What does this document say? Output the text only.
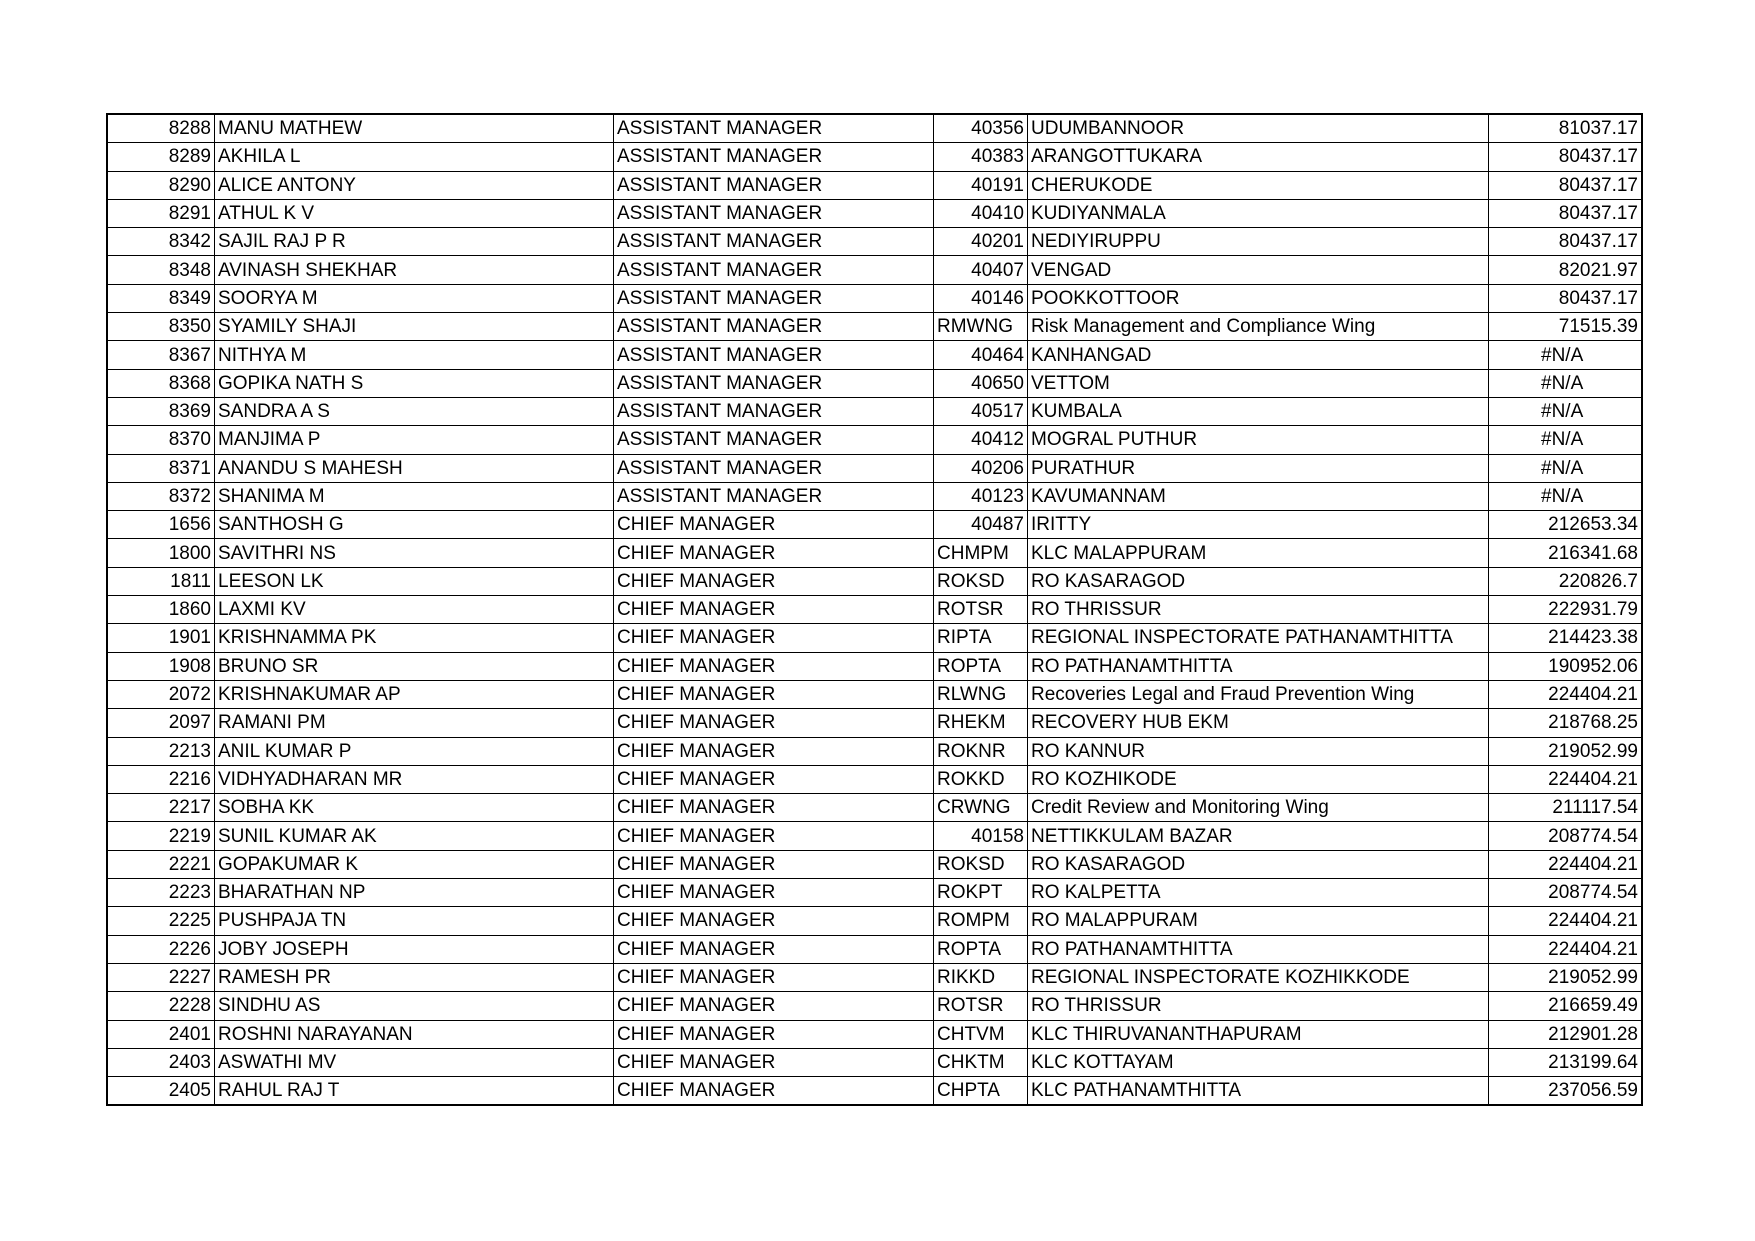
8288	MANU MATHEW	ASSISTANT MANAGER	40356	UDUMBANNOOR	81037.17
8289	AKHILA L	ASSISTANT MANAGER	40383	ARANGOTTUKARA	80437.17
8290	ALICE ANTONY	ASSISTANT MANAGER	40191	CHERUKODE	80437.17
8291	ATHUL K V	ASSISTANT MANAGER	40410	KUDIYANMALA	80437.17
8342	SAJIL RAJ P R	ASSISTANT MANAGER	40201	NEDIYIRUPPU	80437.17
8348	AVINASH SHEKHAR	ASSISTANT MANAGER	40407	VENGAD	82021.97
8349	SOORYA M	ASSISTANT MANAGER	40146	POOKKOTTOOR	80437.17
8350	SYAMILY SHAJI	ASSISTANT MANAGER	RMWNG	Risk Management and Compliance Wing	71515.39
8367	NITHYA M	ASSISTANT MANAGER	40464	KANHANGAD	#N/A
8368	GOPIKA NATH S	ASSISTANT MANAGER	40650	VETTOM	#N/A
8369	SANDRA A S	ASSISTANT MANAGER	40517	KUMBALA	#N/A
8370	MANJIMA P	ASSISTANT MANAGER	40412	MOGRAL PUTHUR	#N/A
8371	ANANDU S MAHESH	ASSISTANT MANAGER	40206	PURATHUR	#N/A
8372	SHANIMA M	ASSISTANT MANAGER	40123	KAVUMANNAM	#N/A
1656	SANTHOSH G	CHIEF MANAGER	40487	IRITTY	212653.34
1800	SAVITHRI NS	CHIEF MANAGER	CHMPM	KLC MALAPPURAM	216341.68
1811	LEESON LK	CHIEF MANAGER	ROKSD	RO KASARAGOD	220826.7
1860	LAXMI KV	CHIEF MANAGER	ROTSR	RO THRISSUR	222931.79
1901	KRISHNAMMA PK	CHIEF MANAGER	RIPTA	REGIONAL INSPECTORATE PATHANAMTHITTA	214423.38
1908	BRUNO SR	CHIEF MANAGER	ROPTA	RO PATHANAMTHITTA	190952.06
2072	KRISHNAKUMAR AP	CHIEF MANAGER	RLWNG	Recoveries Legal and Fraud Prevention Wing	224404.21
2097	RAMANI PM	CHIEF MANAGER	RHEKM	RECOVERY HUB EKM	218768.25
2213	ANIL KUMAR P	CHIEF MANAGER	ROKNR	RO KANNUR	219052.99
2216	VIDHYADHARAN MR	CHIEF MANAGER	ROKKD	RO KOZHIKODE	224404.21
2217	SOBHA KK	CHIEF MANAGER	CRWNG	Credit Review and Monitoring Wing	211117.54
2219	SUNIL KUMAR AK	CHIEF MANAGER	40158	NETTIKKULAM BAZAR	208774.54
2221	GOPAKUMAR K	CHIEF MANAGER	ROKSD	RO KASARAGOD	224404.21
2223	BHARATHAN NP	CHIEF MANAGER	ROKPT	RO KALPETTA	208774.54
2225	PUSHPAJA TN	CHIEF MANAGER	ROMPM	RO MALAPPURAM	224404.21
2226	JOBY JOSEPH	CHIEF MANAGER	ROPTA	RO PATHANAMTHITTA	224404.21
2227	RAMESH PR	CHIEF MANAGER	RIKKD	REGIONAL INSPECTORATE KOZHIKKODE	219052.99
2228	SINDHU AS	CHIEF MANAGER	ROTSR	RO THRISSUR	216659.49
2401	ROSHNI NARAYANAN	CHIEF MANAGER	CHTVM	KLC THIRUVANANTHAPURAM	212901.28
2403	ASWATHI MV	CHIEF MANAGER	CHKTM	KLC KOTTAYAM	213199.64
2405	RAHUL RAJ T	CHIEF MANAGER	CHPTA	KLC PATHANAMTHITTA	237056.59
